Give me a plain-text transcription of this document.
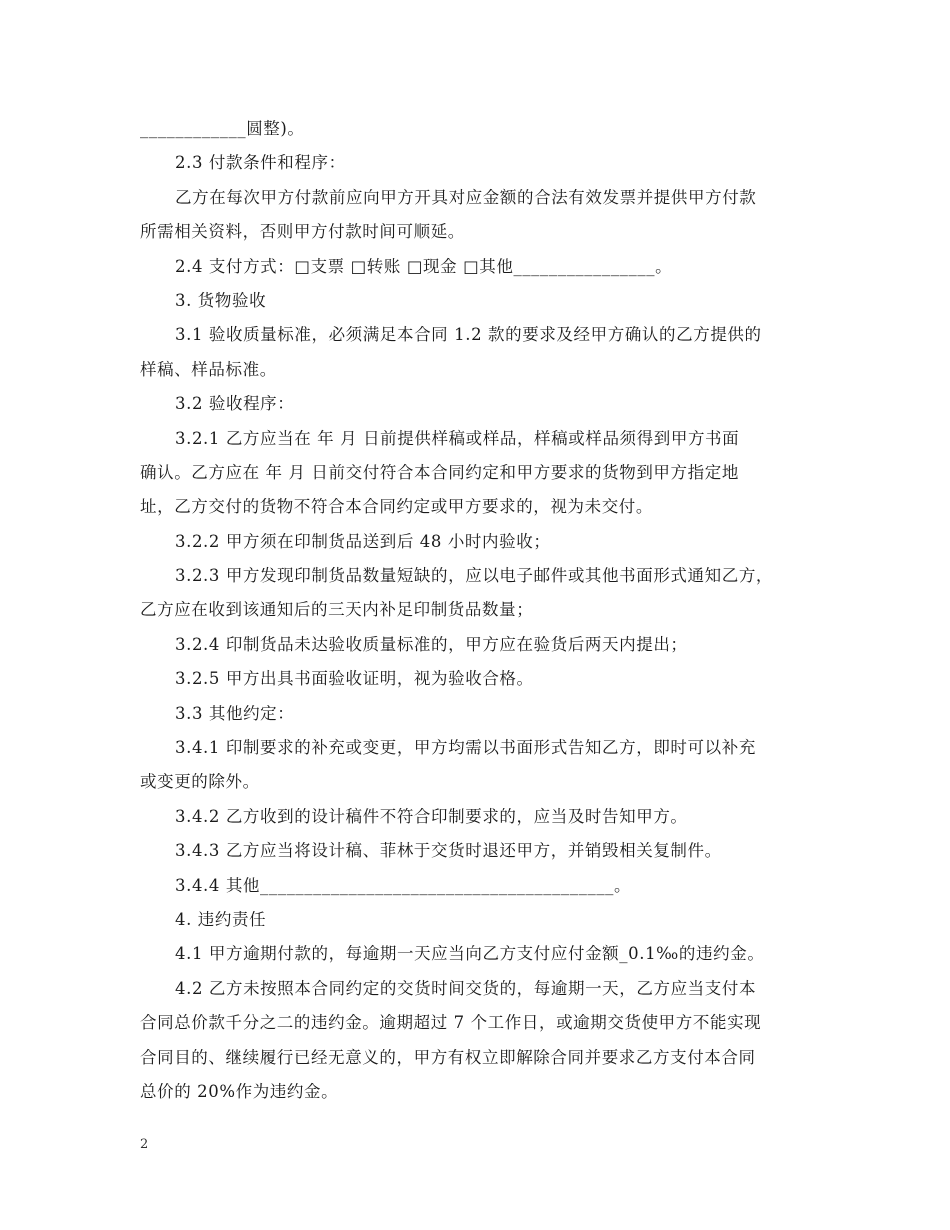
____________圆整)。
2.3 付款条件和程序：
乙方在每次甲方付款前应向甲方开具对应金额的合法有效发票并提供甲方付款
所需相关资料，否则甲方付款时间可顺延。
2.4 支付方式：□支票 □转账 □现金 □其他________________。
3. 货物验收
3.1 验收质量标准，必须满足本合同 1.2 款的要求及经甲方确认的乙方提供的
样稿、样品标准。
3.2 验收程序：
3.2.1 乙方应当在 年 月 日前提供样稿或样品，样稿或样品须得到甲方书面
确认。乙方应在 年 月 日前交付符合本合同约定和甲方要求的货物到甲方指定地
址，乙方交付的货物不符合本合同约定或甲方要求的，视为未交付。
3.2.2 甲方须在印制货品送到后 48 小时内验收；
3.2.3 甲方发现印制货品数量短缺的，应以电子邮件或其他书面形式通知乙方，
乙方应在收到该通知后的三天内补足印制货品数量；
3.2.4 印制货品未达验收质量标准的，甲方应在验货后两天内提出；
3.2.5 甲方出具书面验收证明，视为验收合格。
3.3 其他约定：
3.4.1 印制要求的补充或变更，甲方均需以书面形式告知乙方，即时可以补充
或变更的除外。
3.4.2 乙方收到的设计稿件不符合印制要求的，应当及时告知甲方。
3.4.3 乙方应当将设计稿、菲林于交货时退还甲方，并销毁相关复制件。
3.4.4 其他________________________________________。
4. 违约责任
4.1 甲方逾期付款的，每逾期一天应当向乙方支付应付金额_0.1‰的违约金。
4.2 乙方未按照本合同约定的交货时间交货的，每逾期一天，乙方应当支付本
合同总价款千分之二的违约金。逾期超过 7 个工作日，或逾期交货使甲方不能实现
合同目的、继续履行已经无意义的，甲方有权立即解除合同并要求乙方支付本合同
总价的 20%作为违约金。
2
